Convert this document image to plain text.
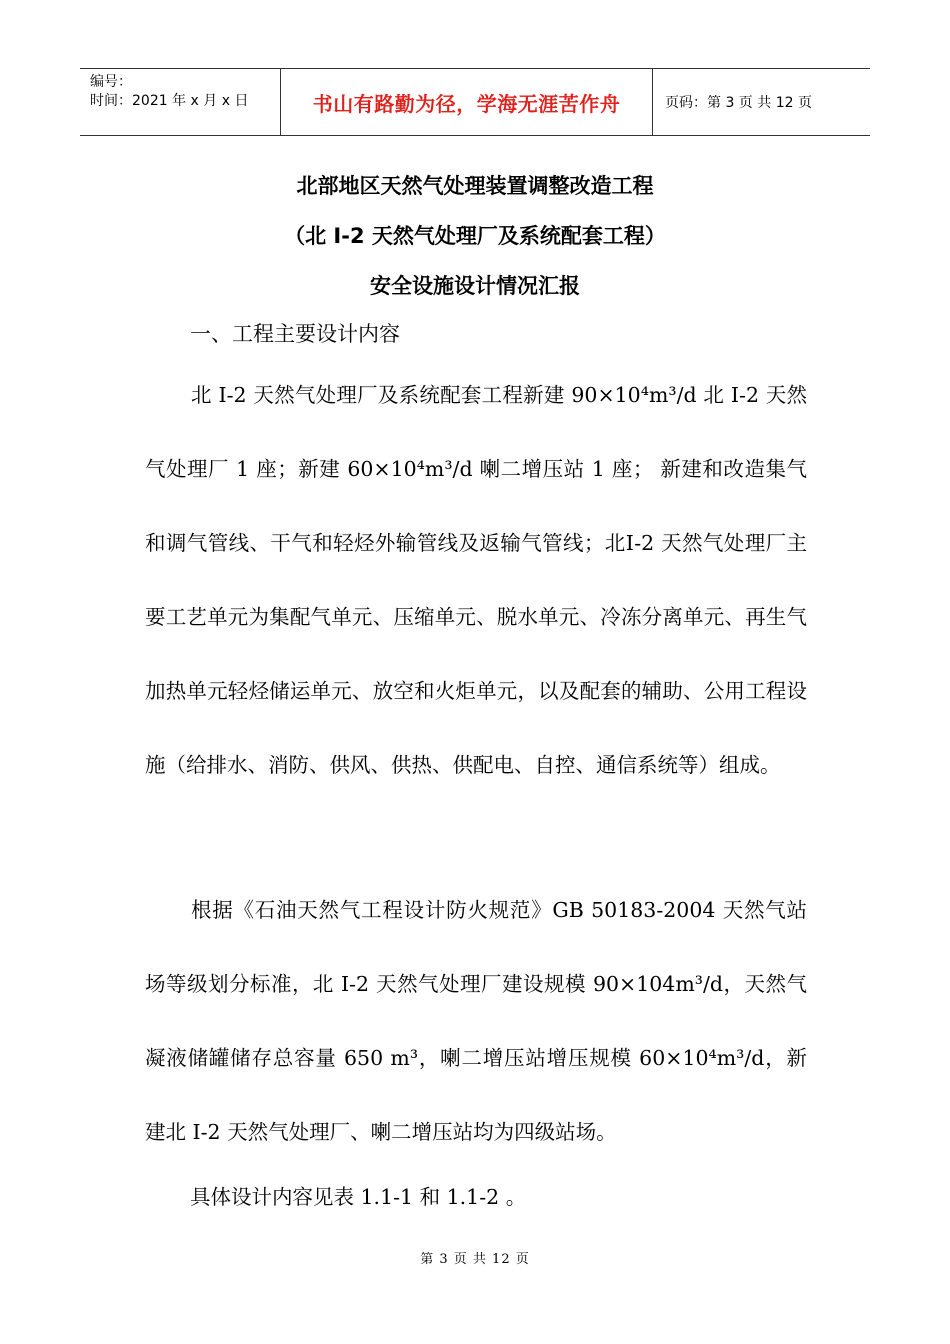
编号：
时间：2021 年 x 月 x 日	书山有路勤为径，学海无涯苦作舟	页码：第 3 页 共 12 页
北部地区天然气处理装置调整改造工程
（北 I-2 天然气处理厂及系统配套工程）
安全设施设计情况汇报
一、工程主要设计内容

北 I-2 天然气处理厂及系统配套工程新建 90×10⁴m³/d 北 I-2 天然气处理厂 1 座；新建 60×10⁴m³/d 喇二增压站 1 座； 新建和改造集气和调气管线、干气和轻烃外输管线及返输气管线；北Ⅰ-2 天然气处理厂主要工艺单元为集配气单元、压缩单元、脱水单元、冷冻分离单元、再生气加热单元轻烃储运单元、放空和火炬单元，以及配套的辅助、公用工程设施（给排水、消防、供风、供热、供配电、自控、通信系统等）组成。

根据《石油天然气工程设计防火规范》GB 50183-2004 天然气站场等级划分标准，北 I-2 天然气处理厂建设规模 90×104m³/d，天然气凝液储罐储存总容量 650 m³，喇二增压站增压规模 60×10⁴m³/d，新建北 I-2 天然气处理厂、喇二增压站均为四级站场。

具体设计内容见表 1.1-1 和 1.1-2 。
第 3 页 共 12 页
